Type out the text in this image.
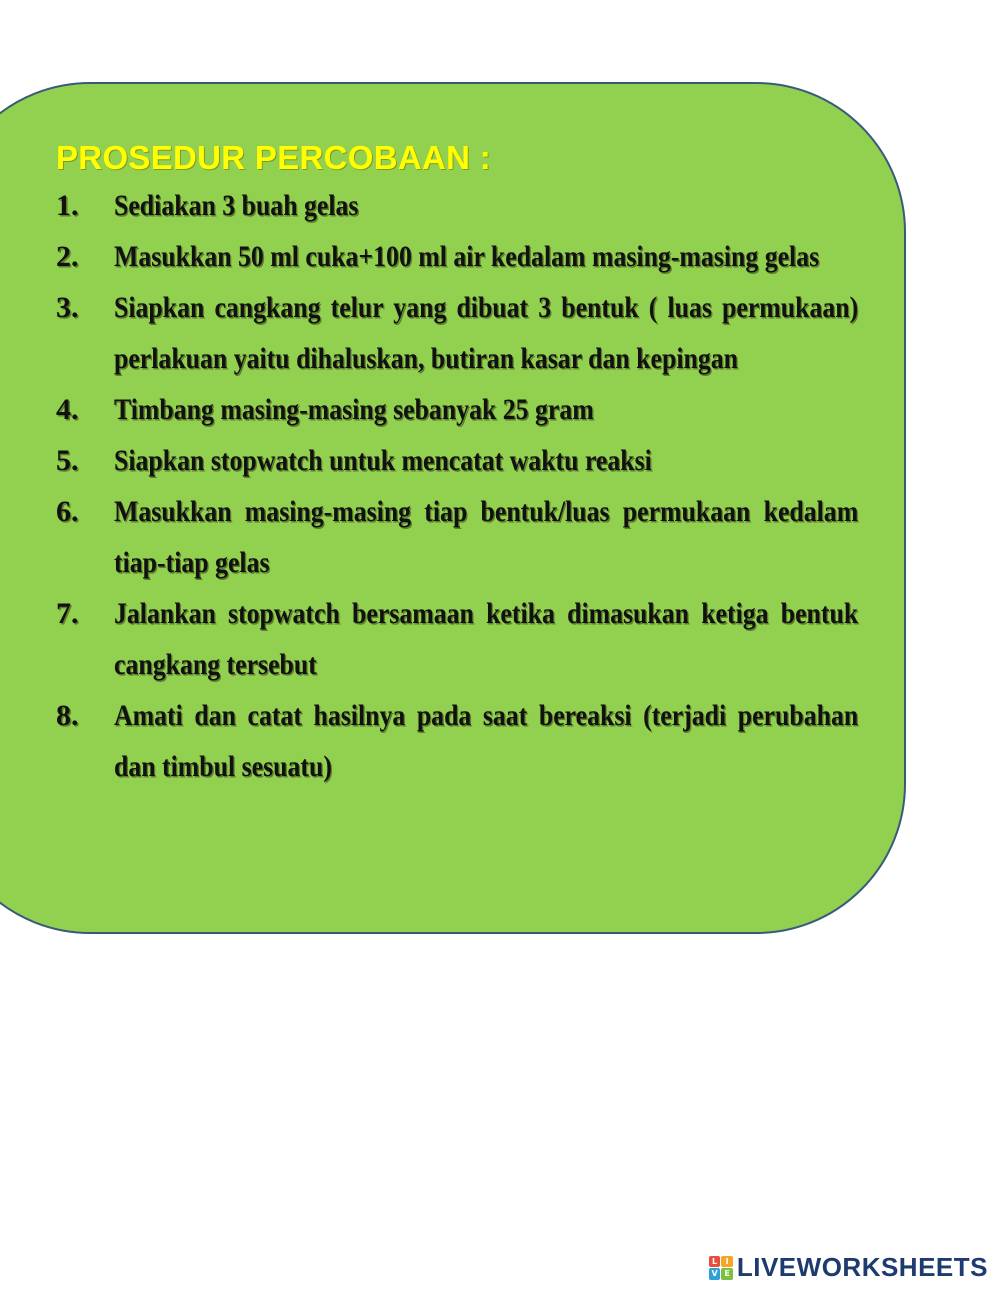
PROSEDUR PERCOBAAN :
1.	Sediakan 3 buah gelas
2.	Masukkan 50 ml cuka+100 ml air kedalam masing-masing gelas
3.	Siapkan cangkang telur yang dibuat 3 bentuk ( luas permukaan) perlakuan yaitu dihaluskan, butiran kasar dan kepingan
4.	Timbang masing-masing sebanyak 25 gram
5.	Siapkan stopwatch untuk mencatat waktu reaksi
6.	Masukkan masing-masing tiap bentuk/luas permukaan kedalam tiap-tiap gelas
7.	Jalankan stopwatch bersamaan ketika dimasukan ketiga bentuk cangkang tersebut
8.	Amati dan catat hasilnya pada saat bereaksi (terjadi perubahan dan timbul sesuatu)
L	I
V E LIVEWORKSHEETS
